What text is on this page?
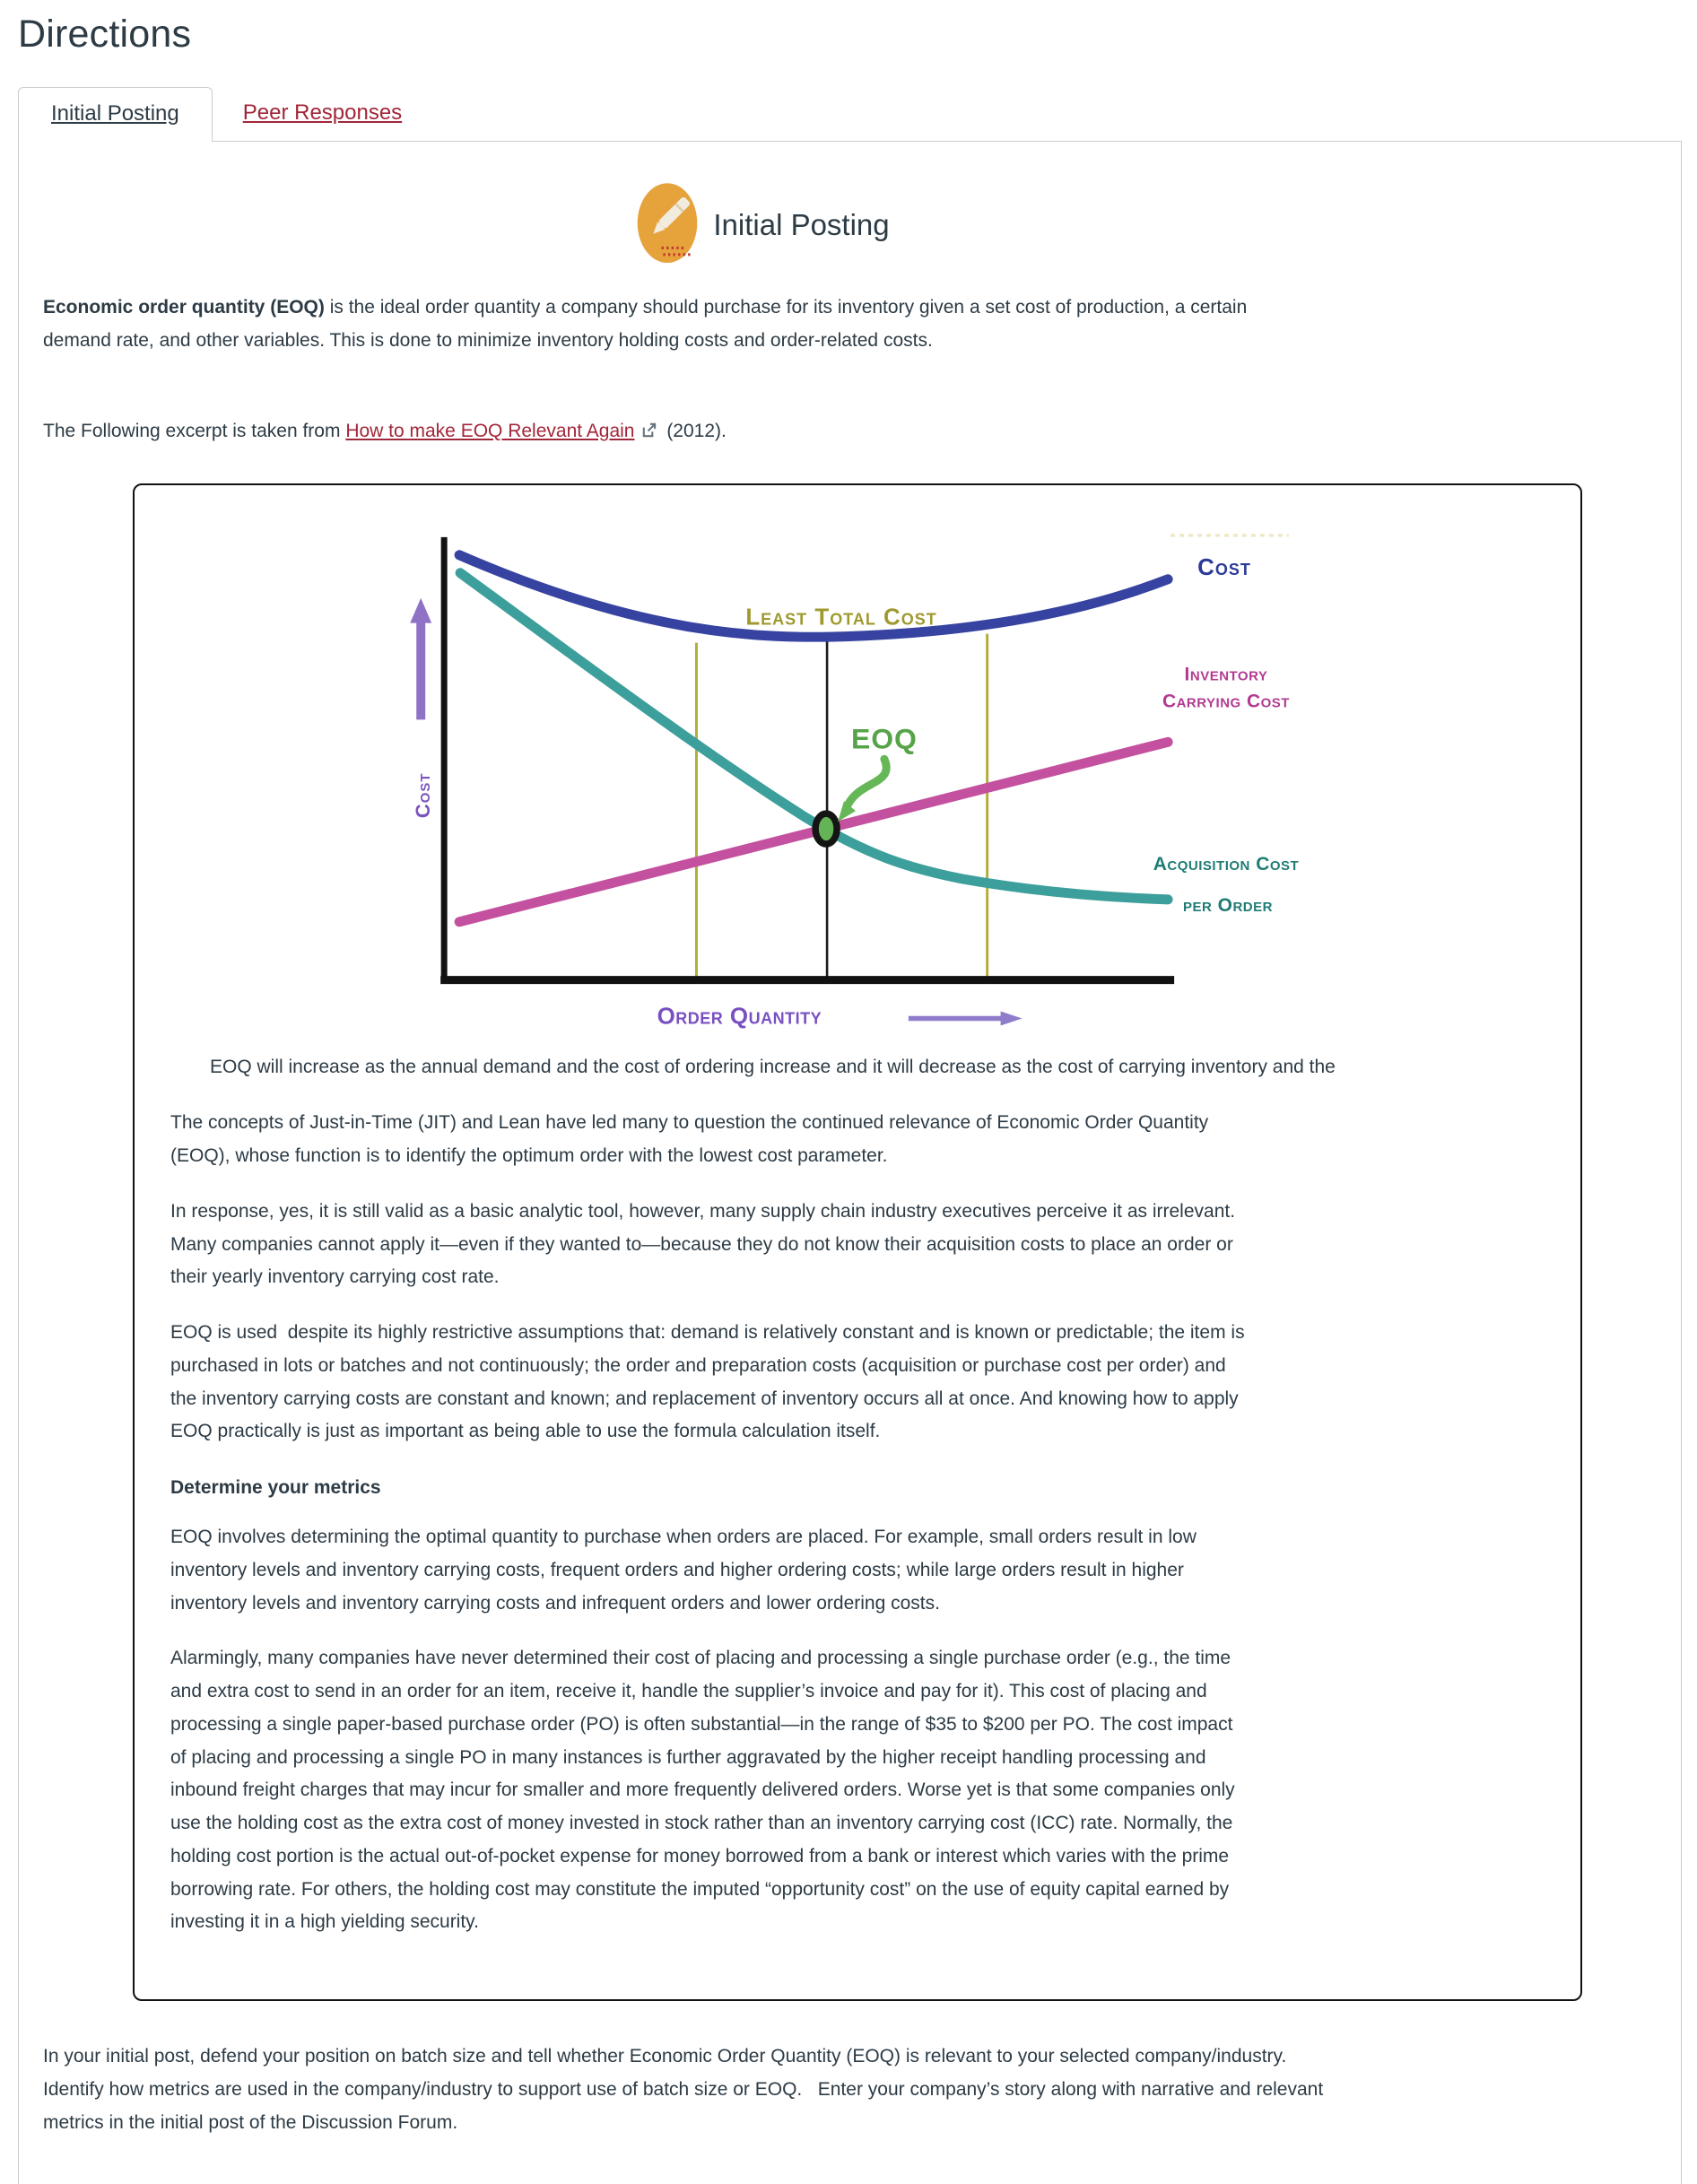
Directions
Initial Posting	Peer Responses
Initial Posting

Economic order quantity (EOQ) is the ideal order quantity a company should purchase for its inventory given a set cost of production, a certain demand rate, and other variables. This is done to minimize inventory holding costs and order-related costs.

The Following excerpt is taken from How to make EOQ Relevant Again (2012).

Cost
Least Total Cost
Cost
Inventory
Carrying Cost
Acquisition Cost
per Order
EOQ
Order Quantity

EOQ will increase as the annual demand and the cost of ordering increase and it will decrease as the cost of carrying inventory and the

The concepts of Just-in-Time (JIT) and Lean have led many to question the continued relevance of Economic Order Quantity (EOQ), whose function is to identify the optimum order with the lowest cost parameter.

In response, yes, it is still valid as a basic analytic tool, however, many supply chain industry executives perceive it as irrelevant.   Many companies cannot apply it—even if they wanted to—because they do not know their acquisition costs to place an order or their yearly inventory carrying cost rate.

EOQ is used  despite its highly restrictive assumptions that: demand is relatively constant and is known or predictable; the item is purchased in lots or batches and not continuously; the order and preparation costs (acquisition or purchase cost per order) and the inventory carrying costs are constant and known; and replacement of inventory occurs all at once. And knowing how to apply EOQ practically is just as important as being able to use the formula calculation itself.

Determine your metrics

EOQ involves determining the optimal quantity to purchase when orders are placed. For example, small orders result in low inventory levels and inventory carrying costs, frequent orders and higher ordering costs; while large orders result in higher inventory levels and inventory carrying costs and infrequent orders and lower ordering costs.

Alarmingly, many companies have never determined their cost of placing and processing a single purchase order (e.g., the time and extra cost to send in an order for an item, receive it, handle the supplier’s invoice and pay for it). This cost of placing and processing a single paper-based purchase order (PO) is often substantial—in the range of $35 to $200 per PO. The cost impact of placing and processing a single PO in many instances is further aggravated by the higher receipt handling processing and inbound freight charges that may incur for smaller and more frequently delivered orders. Worse yet is that some companies only use the holding cost as the extra cost of money invested in stock rather than an inventory carrying cost (ICC) rate. Normally, the holding cost portion is the actual out-of-pocket expense for money borrowed from a bank or interest which varies with the prime borrowing rate. For others, the holding cost may constitute the imputed “opportunity cost” on the use of equity capital earned by investing it in a high yielding security.

In your initial post, defend your position on batch size and tell whether Economic Order Quantity (EOQ) is relevant to your selected company/industry.  Identify how metrics are used in the company/industry to support use of batch size or EOQ.   Enter your company’s story along with narrative and relevant metrics in the initial post of the Discussion Forum.
